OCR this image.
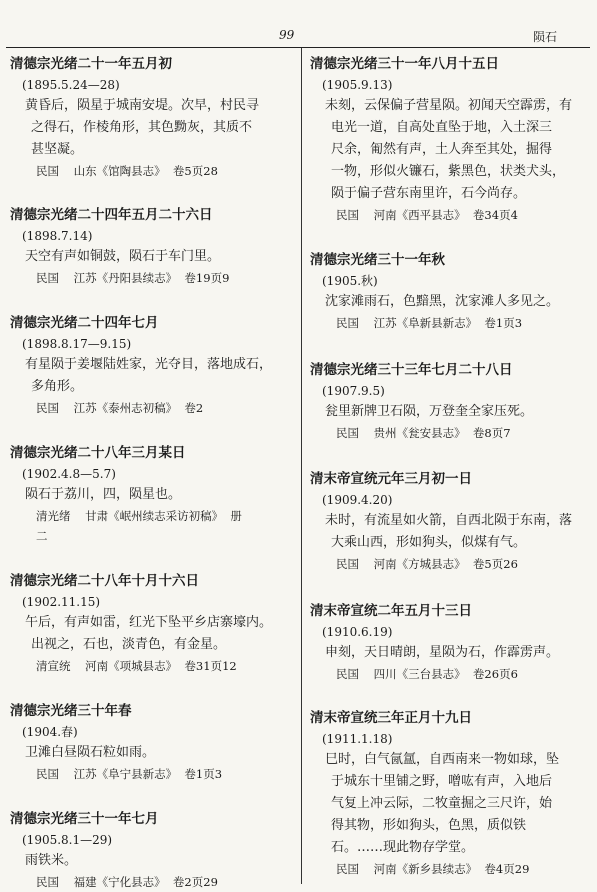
99	陨石
清德宗光绪二十一年五月初
(1895.5.24—28)
黄昏后，陨星于城南安堤。次早，村民寻
之得石，作棱角形，其色黝灰，其质不
甚坚凝。
民国    山东《馆陶县志》  卷5页28
清德宗光绪二十四年五月二十六日
(1898.7.14)
天空有声如铜鼓，陨石于车门里。
民国    江苏《丹阳县续志》  卷19页9
清德宗光绪二十四年七月
(1898.8.17—9.15)
有星陨于姜堰陆姓家，光夺目，落地成石，
多角形。
民国    江苏《泰州志初稿》  卷2
清德宗光绪二十八年三月某日
(1902.4.8—5.7)
陨石于荔川，四，陨星也。
清光绪    甘肃《岷州续志采访初稿》  册
二
清德宗光绪二十八年十月十六日
(1902.11.15)
午后，有声如雷，红光下坠平乡店寨壕内。
出视之，石也，淡青色，有金星。
清宣统    河南《项城县志》  卷31页12
清德宗光绪三十年春
(1904.春)
卫滩白昼陨石粒如雨。
民国    江苏《阜宁县新志》  卷1页3
清德宗光绪三十一年七月
(1905.8.1—29)
雨铁米。
民国    福建《宁化县志》  卷2页29
清德宗光绪三十一年八月十五日
(1905.9.13)
未刻，云保偏子营星陨。初闻天空霹雳，有
电光一道，自高处直坠于地，入土深三
尺余，匍然有声，土人奔至其处，掘得
一物，形似火镰石，紫黑色，状类犬头，
陨于偏子营东南里许，石今尚存。
民国    河南《西平县志》  卷34页4
清德宗光绪三十一年秋
(1905.秋)
沈家滩雨石，色黯黑，沈家滩人多见之。
民国    江苏《阜新县新志》  卷1页3
清德宗光绪三十三年七月二十八日
(1907.9.5)
瓮里新牌卫石陨，万登奎全家压死。
民国    贵州《瓮安县志》  卷8页7
清末帝宣统元年三月初一日
(1909.4.20)
未时，有流星如火箭，自西北陨于东南，落
大乘山西，形如狗头，似煤有气。
民国    河南《方城县志》  卷5页26
清末帝宣统二年五月十三日
(1910.6.19)
申刻，天日晴朗，星陨为石，作霹雳声。
民国    四川《三台县志》  卷26页6
清末帝宣统三年正月十九日
(1911.1.18)
巳时，白气氤氲，自西南来一物如球，坠
于城东十里铺之野，噌吰有声，入地后
气复上冲云际，二牧童掘之三尺许，始
得其物，形如狗头，色黑，质似铁
石。……现此物存学堂。
民国    河南《新乡县续志》  卷4页29
